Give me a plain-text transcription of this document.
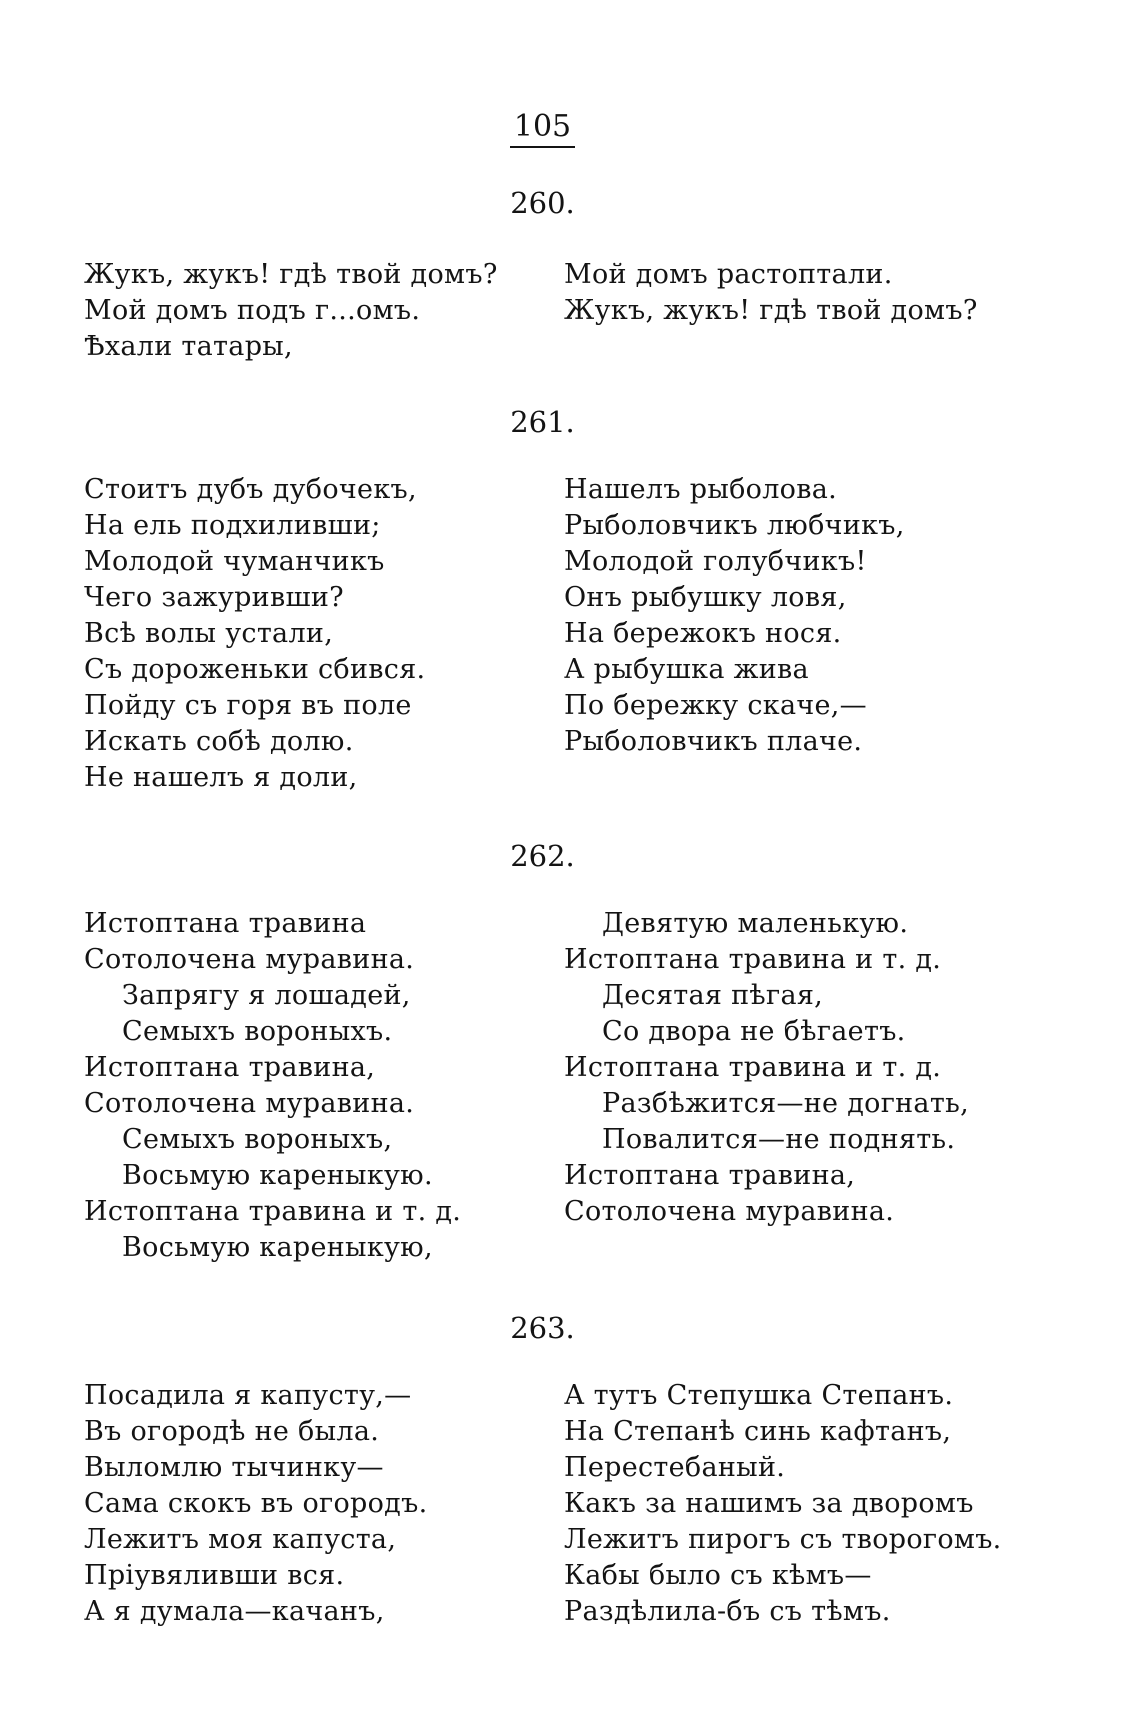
105
260.
Жукъ, жукъ! гдѣ твой домъ?
Мой домъ подъ г...омъ.
Ѣхали татары,
Мой домъ растоптали.
Жукъ, жукъ! гдѣ твой домъ?
261.
Стоитъ дубъ дубочекъ,
На ель подхиливши;
Молодой чуманчикъ
Чего зажуривши?
Всѣ волы устали,
Съ дороженьки сбився.
Пойду съ горя въ поле
Искать собѣ долю.
Не нашелъ я доли,
Нашелъ рыболова.
Рыболовчикъ любчикъ,
Молодой голубчикъ!
Онъ рыбушку ловя,
На бережокъ нося.
А рыбушка жива
По бережку скаче,—
Рыболовчикъ плаче.
262.
Истоптана травина
Сотолочена муравина.
Запрягу я лошадей,
Семыхъ вороныхъ.
Истоптана травина,
Сотолочена муравина.
Семыхъ вороныхъ,
Восьмую кареныкую.
Истоптана травина и т. д.
Восьмую кареныкую,
Девятую маленькую.
Истоптана травина и т. д.
Десятая пѣгая,
Со двора не бѣгаетъ.
Истоптана травина и т. д.
Разбѣжится—не догнать,
Повалится—не поднять.
Истоптана травина,
Сотолочена муравина.
263.
Посадила я капусту,—
Въ огородѣ не была.
Выломлю тычинку—
Сама скокъ въ огородъ.
Лежитъ моя капуста,
Пріувяливши вся.
А я думала—качанъ,
А тутъ Степушка Степанъ.
На Степанѣ синь кафтанъ,
Перестебаный.
Какъ за нашимъ за дворомъ
Лежитъ пирогъ съ творогомъ.
Кабы было съ кѣмъ—
Раздѣлила-бъ съ тѣмъ.
